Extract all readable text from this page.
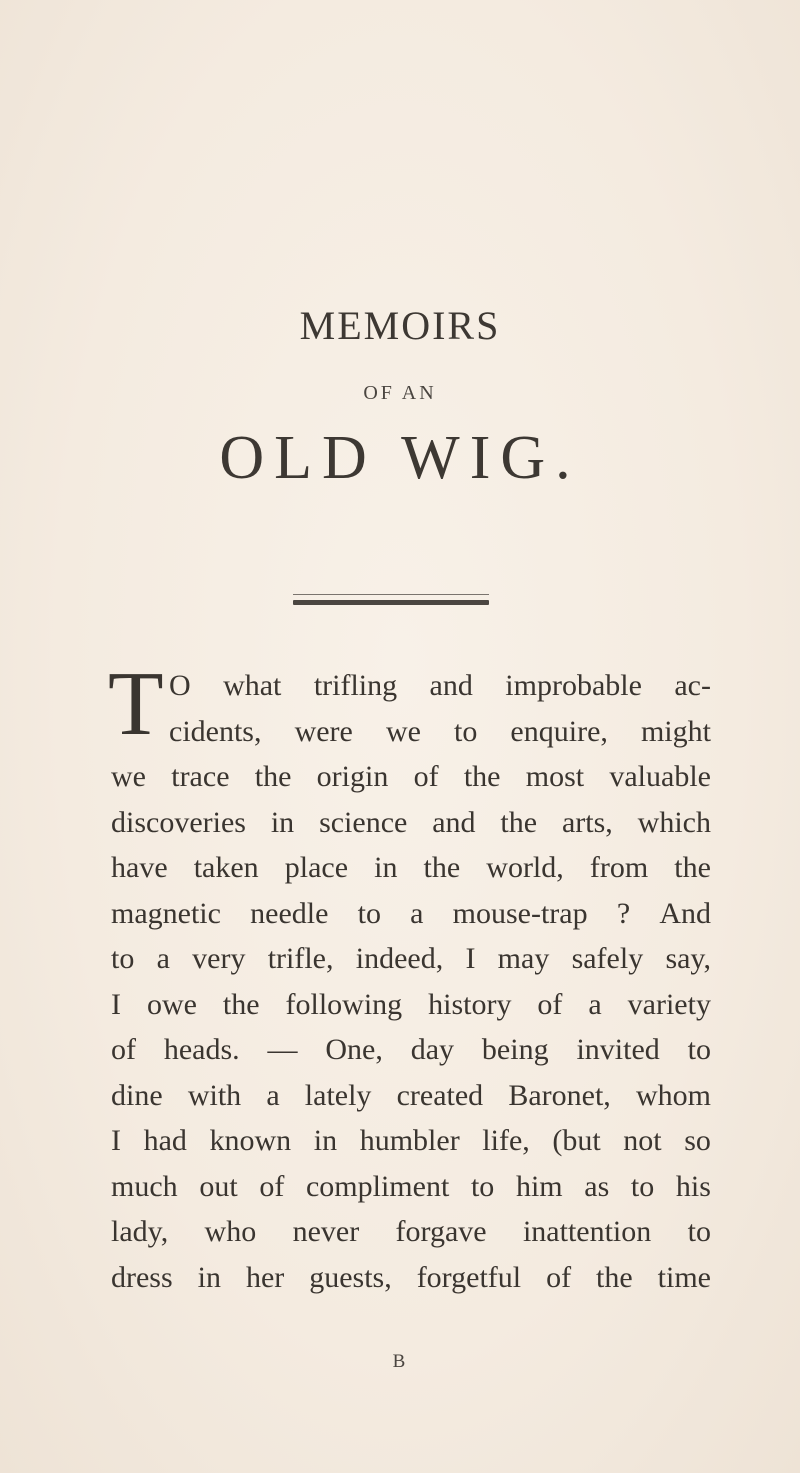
MEMOIRS
OF AN
OLD WIG.
T O what trifling and improbable ac-
cidents, were we to enquire, might
we trace the origin of the most valuable
discoveries in science and the arts, which
have taken place in the world, from the
magnetic needle to a mouse-trap ? And
to a very trifle, indeed, I may safely say,
I owe the following history of a variety
of heads. — One, day being invited to
dine with a lately created Baronet, whom
I had known in humbler life, (but not so
much out of compliment to him as to his
lady, who never forgave inattention to
dress in her guests, forgetful of the time
B
